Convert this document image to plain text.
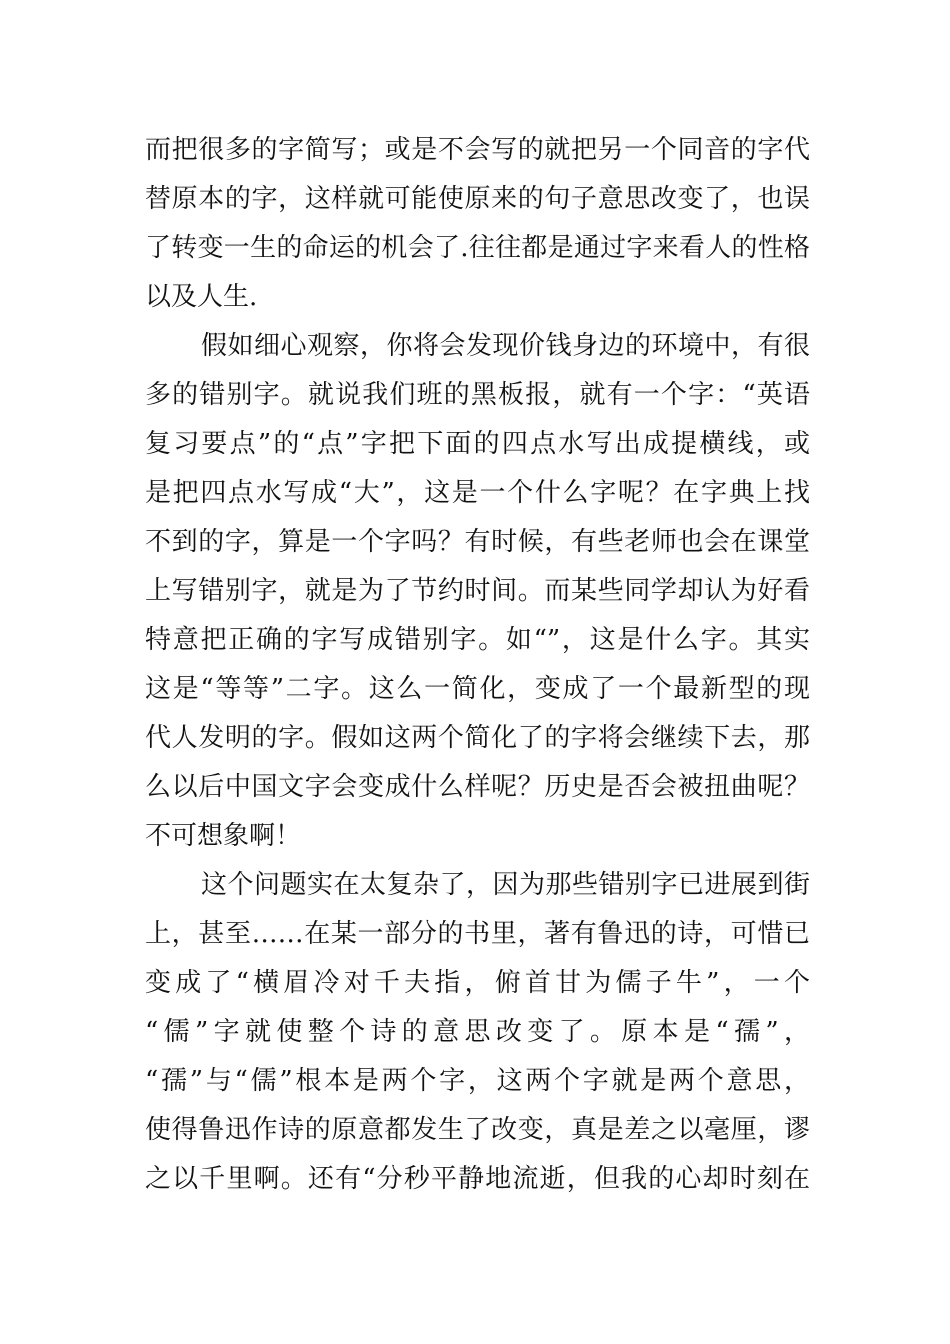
而把很多的字简写；或是不会写的就把另一个同音的字代
替原本的字，这样就可能使原来的句子意思改变了，也误
了转变一生的命运的机会了.往往都是通过字来看人的性格
以及人生.
假如细心观察，你将会发现价钱身边的环境中，有很
多的错别字。就说我们班的黑板报，就有一个字：“英语
复习要点”的“点”字把下面的四点水写出成提横线，或
是把四点水写成“大”，这是一个什么字呢？在字典上找
不到的字，算是一个字吗？有时候，有些老师也会在课堂
上写错别字，就是为了节约时间。而某些同学却认为好看
特意把正确的字写成错别字。如“”，这是什么字。其实
这是“等等”二字。这么一简化，变成了一个最新型的现
代人发明的字。假如这两个简化了的字将会继续下去，那
么以后中国文字会变成什么样呢？历史是否会被扭曲呢？
不可想象啊！
这个问题实在太复杂了，因为那些错别字已进展到街
上，甚至……在某一部分的书里，著有鲁迅的诗，可惜已
变成了“横眉冷对千夫指，俯首甘为儒子牛”，一个
“儒”字就使整个诗的意思改变了。原本是“孺”，
“孺”与“儒”根本是两个字，这两个字就是两个意思，
使得鲁迅作诗的原意都发生了改变，真是差之以毫厘，谬
之以千里啊。还有“分秒平静地流逝，但我的心却时刻在
